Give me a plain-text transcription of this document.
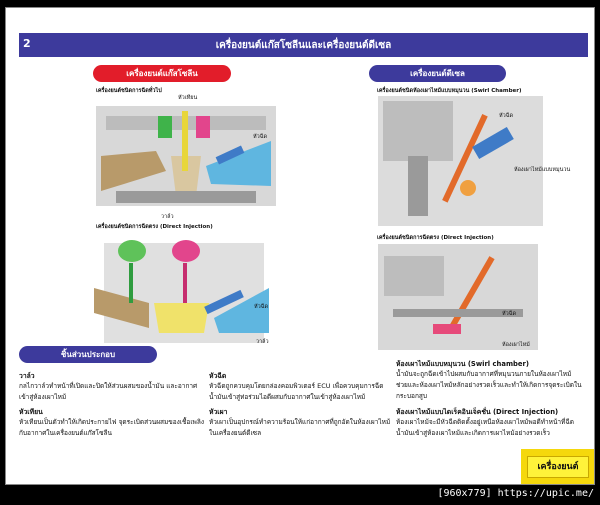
2	เครื่องยนต์แก๊สโซลีนและเครื่องยนต์ดีเซล
เครื่องยนต์แก๊สโซลีน
เครื่องยนต์ชนิดการฉีดทั่วไป
หัวเทียน
หัวฉีด
วาล์ว
เครื่องยนต์ชนิดการฉีดตรง (Direct Injection)
หัวฉีด
วาล์ว
เครื่องยนต์ดีเซล
เครื่องยนต์ชนิดห้องเผาไหม้แบบหมุนวน (Swirl Chamber)
หัวฉีด
ห้องเผาไหม้แบบหมุนวน
เครื่องยนต์ชนิดการฉีดตรง (Direct Injection)
หัวฉีด
ห้องเผาไหม้
ชิ้นส่วนประกอบ
วาล์ว
กลไกวาล์วทำหน้าที่เปิดและปิดให้ส่วนผสมของน้ำมัน และอากาศ
เข้าสู่ห้องเผาไหม้
หัวเทียน
หัวเทียนเป็นตัวทำให้เกิดประกายไฟ จุดระเบิดส่วนผสมของเชื้อเพลิง
กับอากาศในเครื่องยนต์แก๊สโซลีน
หัวฉีด
หัวฉีดถูกควบคุมโดยกล่องคอมพิวเตอร์ ECU เพื่อควบคุมการฉีด
น้ำมันเข้าสู่ท่อร่วมไอดีผสมกับอากาศในเข้าสู่ห้องเผาไหม้
หัวเผา
หัวเผาเป็นอุปกรณ์ทำความร้อนให้แก่อากาศที่ถูกอัดในห้องเผาไหม้
ในเครื่องยนต์ดีเซล
ห้องเผาไหม้แบบหมุนวน (Swirl chamber)
น้ำมันจะถูกฉีดเข้าไปผสมกับอากาศที่หมุนวนภายในห้องเผาไหม้
ช่วยและห้องเผาไหม้หลักอย่างรวดเร็วและทำให้เกิดการจุดระเบิดใน
กระบอกสูบ
ห้องเผาไหม้แบบไดเร็คอินเจ็คชั่น (Direct Injection)
ห้องเผาไหม้จะมีหัวฉีดติดตั้งอยู่เหนือห้องเผาไหม้พอดีทำหน้าที่ฉีด
น้ำมันเข้าสู่ห้องเผาไหม้และเกิดการเผาไหม้อย่างรวดเร็ว
เครื่องยนต์
[960x779] https://upic.me/
